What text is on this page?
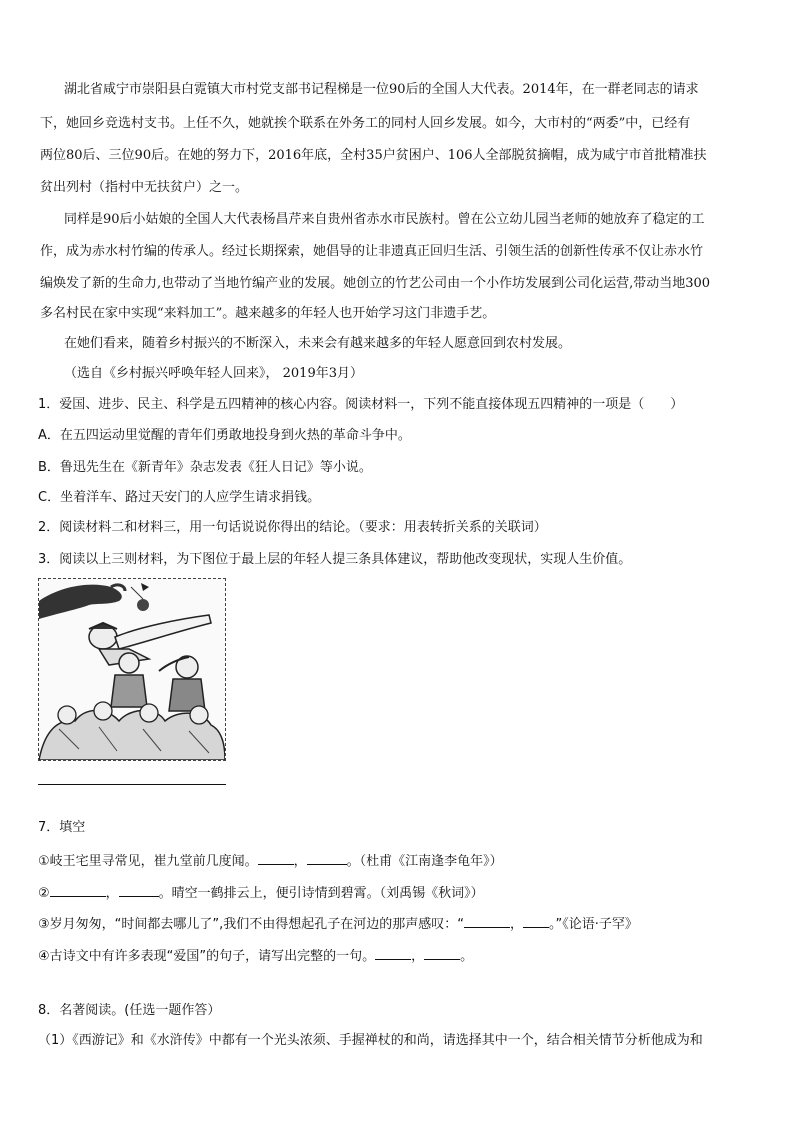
湖北省咸宁市崇阳县白霓镇大市村党支部书记程梯是一位90后的全国人大代表。2014年，在一群老同志的请求
下，她回乡竞选村支书。上任不久，她就挨个联系在外务工的同村人回乡发展。如今，大市村的“两委”中，已经有
两位80后、三位90后。在她的努力下，2016年底，全村35户贫困户、106人全部脱贫摘帽，成为咸宁市首批精准扶
贫出列村（指村中无扶贫户）之一。
同样是90后小姑娘的全国人大代表杨昌芹来自贵州省赤水市民族村。曾在公立幼儿园当老师的她放弃了稳定的工
作，成为赤水村竹编的传承人。经过长期探索，她倡导的让非遗真正回归生活、引领生活的创新性传承不仅让赤水竹
编焕发了新的生命力,也带动了当地竹编产业的发展。她创立的竹艺公司由一个小作坊发展到公司化运营,带动当地300
多名村民在家中实现“来料加工”。越来越多的年轻人也开始学习这门非遗手艺。
在她们看来，随着乡村振兴的不断深入，未来会有越来越多的年轻人愿意回到农村发展。
（选自《乡村振兴呼唤年轻人回来》， 2019年3月）
1．爱国、进步、民主、科学是五四精神的核心内容。阅读材料一，下列不能直接体现五四精神的一项是（　　）
A．在五四运动里觉醒的青年们勇敢地投身到火热的革命斗争中。
B．鲁迅先生在《新青年》杂志发表《狂人日记》等小说。
C．坐着洋车、路过天安门的人应学生请求捐钱。
2．阅读材料二和材料三，用一句话说说你得出的结论。（要求：用表转折关系的关联词）
3．阅读以上三则材料，为下图位于最上层的年轻人提三条具体建议，帮助他改变现状，实现人生价值。
7．填空
①岐王宅里寻常见，崔九堂前几度闻。	，	。（杜甫《江南逢李龟年》）
②	，	。晴空一鹤排云上，便引诗情到碧霄。（刘禹锡《秋词》）
③岁月匆匆，“时间都去哪儿了”,我们不由得想起孔子在河边的那声感叹：“	， 。”《论语·子罕》
④古诗文中有许多表现“爱国”的句子，请写出完整的一句。	，	。
8．名著阅读。(任选一题作答）
（1）《西游记》和《水浒传》中都有一个光头浓须、手握禅杖的和尚，请选择其中一个，结合相关情节分析他成为和
